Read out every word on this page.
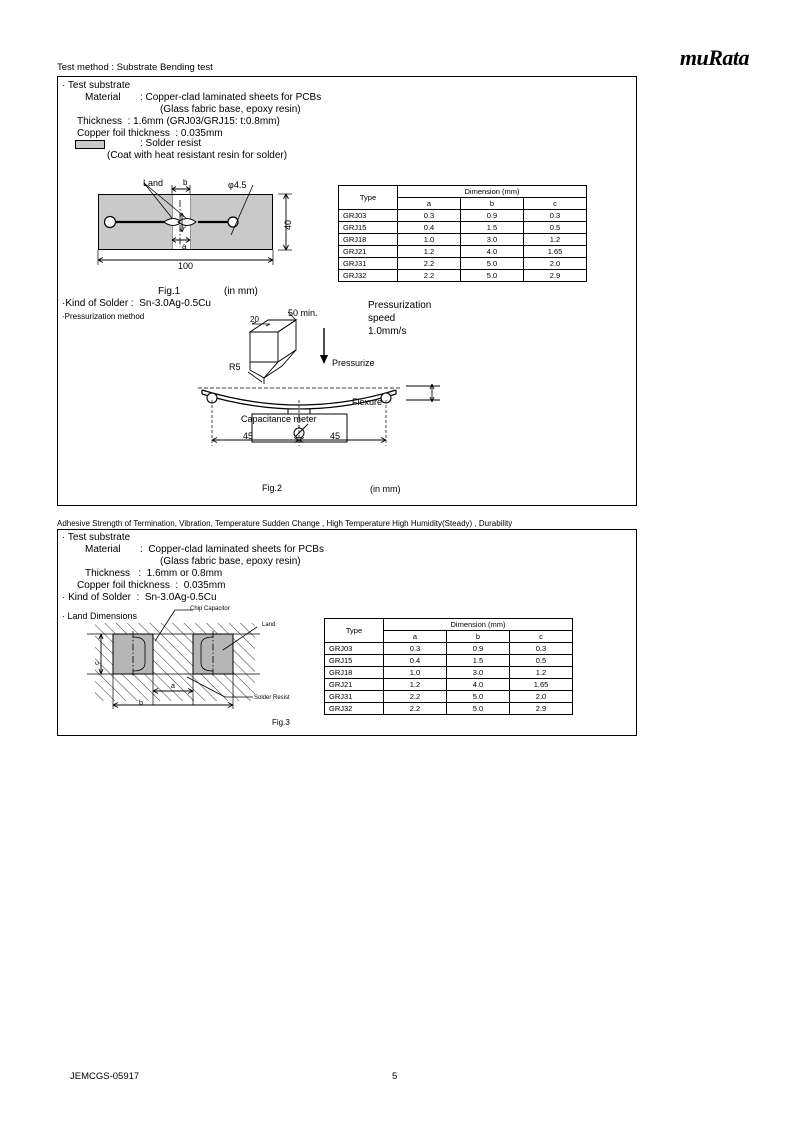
muRata
Test method : Substrate Bending test
· Test substrate
Material : Copper-clad laminated sheets for PCBs
(Glass fabric base, epoxy resin)
Thickness  : 1.6mm (GRJ03/GRJ15: t:0.8mm)
Copper foil thickness  : 0.035mm
: Solder resist
(Coat with heat resistant resin for solder)
Land	φ4.5
b
a
c
100
40
Fig.1	(in mm)
Type	Dimension (mm)		
	a	b	c
GRJ03	0.3	0.9	0.3
GRJ15	0.4	1.5	0.5
GRJ18	1.0	3.0	1.2
GRJ21	1.2	4.0	1.65
GRJ31	2.2	5.0	2.0
GRJ32	2.2	5.0	2.9
·Kind of Solder :  Sn-3.0Ag-0.5Cu
·Pressurization method
Pressurization
speed
1.0mm/s
50 min.
20
R5	Pressurize
Flexure
Capacitance meter
45	45
Fig.2	(in mm)
Adhesive Strength of Termination, Vibration, Temperature Sudden Change , High Temperature High Humidity(Steady) , Durability
· Test substrate
Material :  Copper-clad laminated sheets for PCBs
(Glass fabric base, epoxy resin)
Thickness   :  1.6mm or 0.8mm
Copper foil thickness  :  0.035mm
· Kind of Solder  :  Sn-3.0Ag-0.5Cu
· Land Dimensions
Chip Capacitor
Land
Solder Resist
c
a
b
Fig.3
Type	Dimension (mm)		
	a	b	c
GRJ03	0.3	0.9	0.3
GRJ15	0.4	1.5	0.5
GRJ18	1.0	3.0	1.2
GRJ21	1.2	4.0	1.65
GRJ31	2.2	5.0	2.0
GRJ32	2.2	5.0	2.9
JEMCGS-05917	5
